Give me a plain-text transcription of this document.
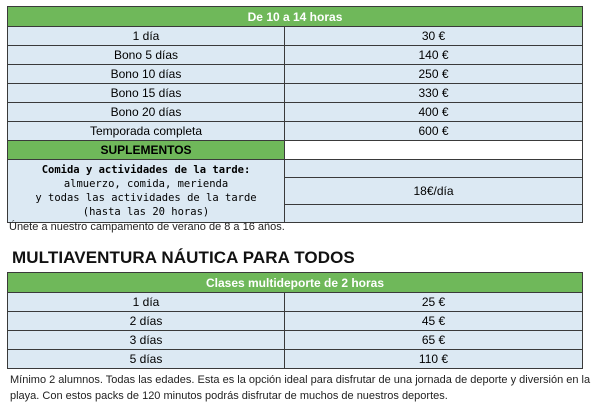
De 10 a 14 horas	
1 día	30 €
Bono 5 días	140 €
Bono 10 días	250 €
Bono 15 días	330 €
Bono 20 días	400 €
Temporada completa	600 €
SUPLEMENTOS	

Comida y actividades de la tarde:
almuerzo, comida, merienda
y todas las actividades de la tarde
(hasta las 20 horas)	

	18€/día

Únete a nuestro campamento de verano de 8 a 16 años.
MULTIAVENTURA NÁUTICA PARA TODOS
Clases multideporte de 2 horas	
1 día	25 €
2 días	45 €
3 días	65 €
5 días	110 €
Mínimo 2 alumnos. Todas las edades. Esta es la opción ideal para disfrutar de una jornada de deporte y diversión en la playa. Con estos packs de 120 minutos podrás disfrutar de muchos de nuestros deportes.
